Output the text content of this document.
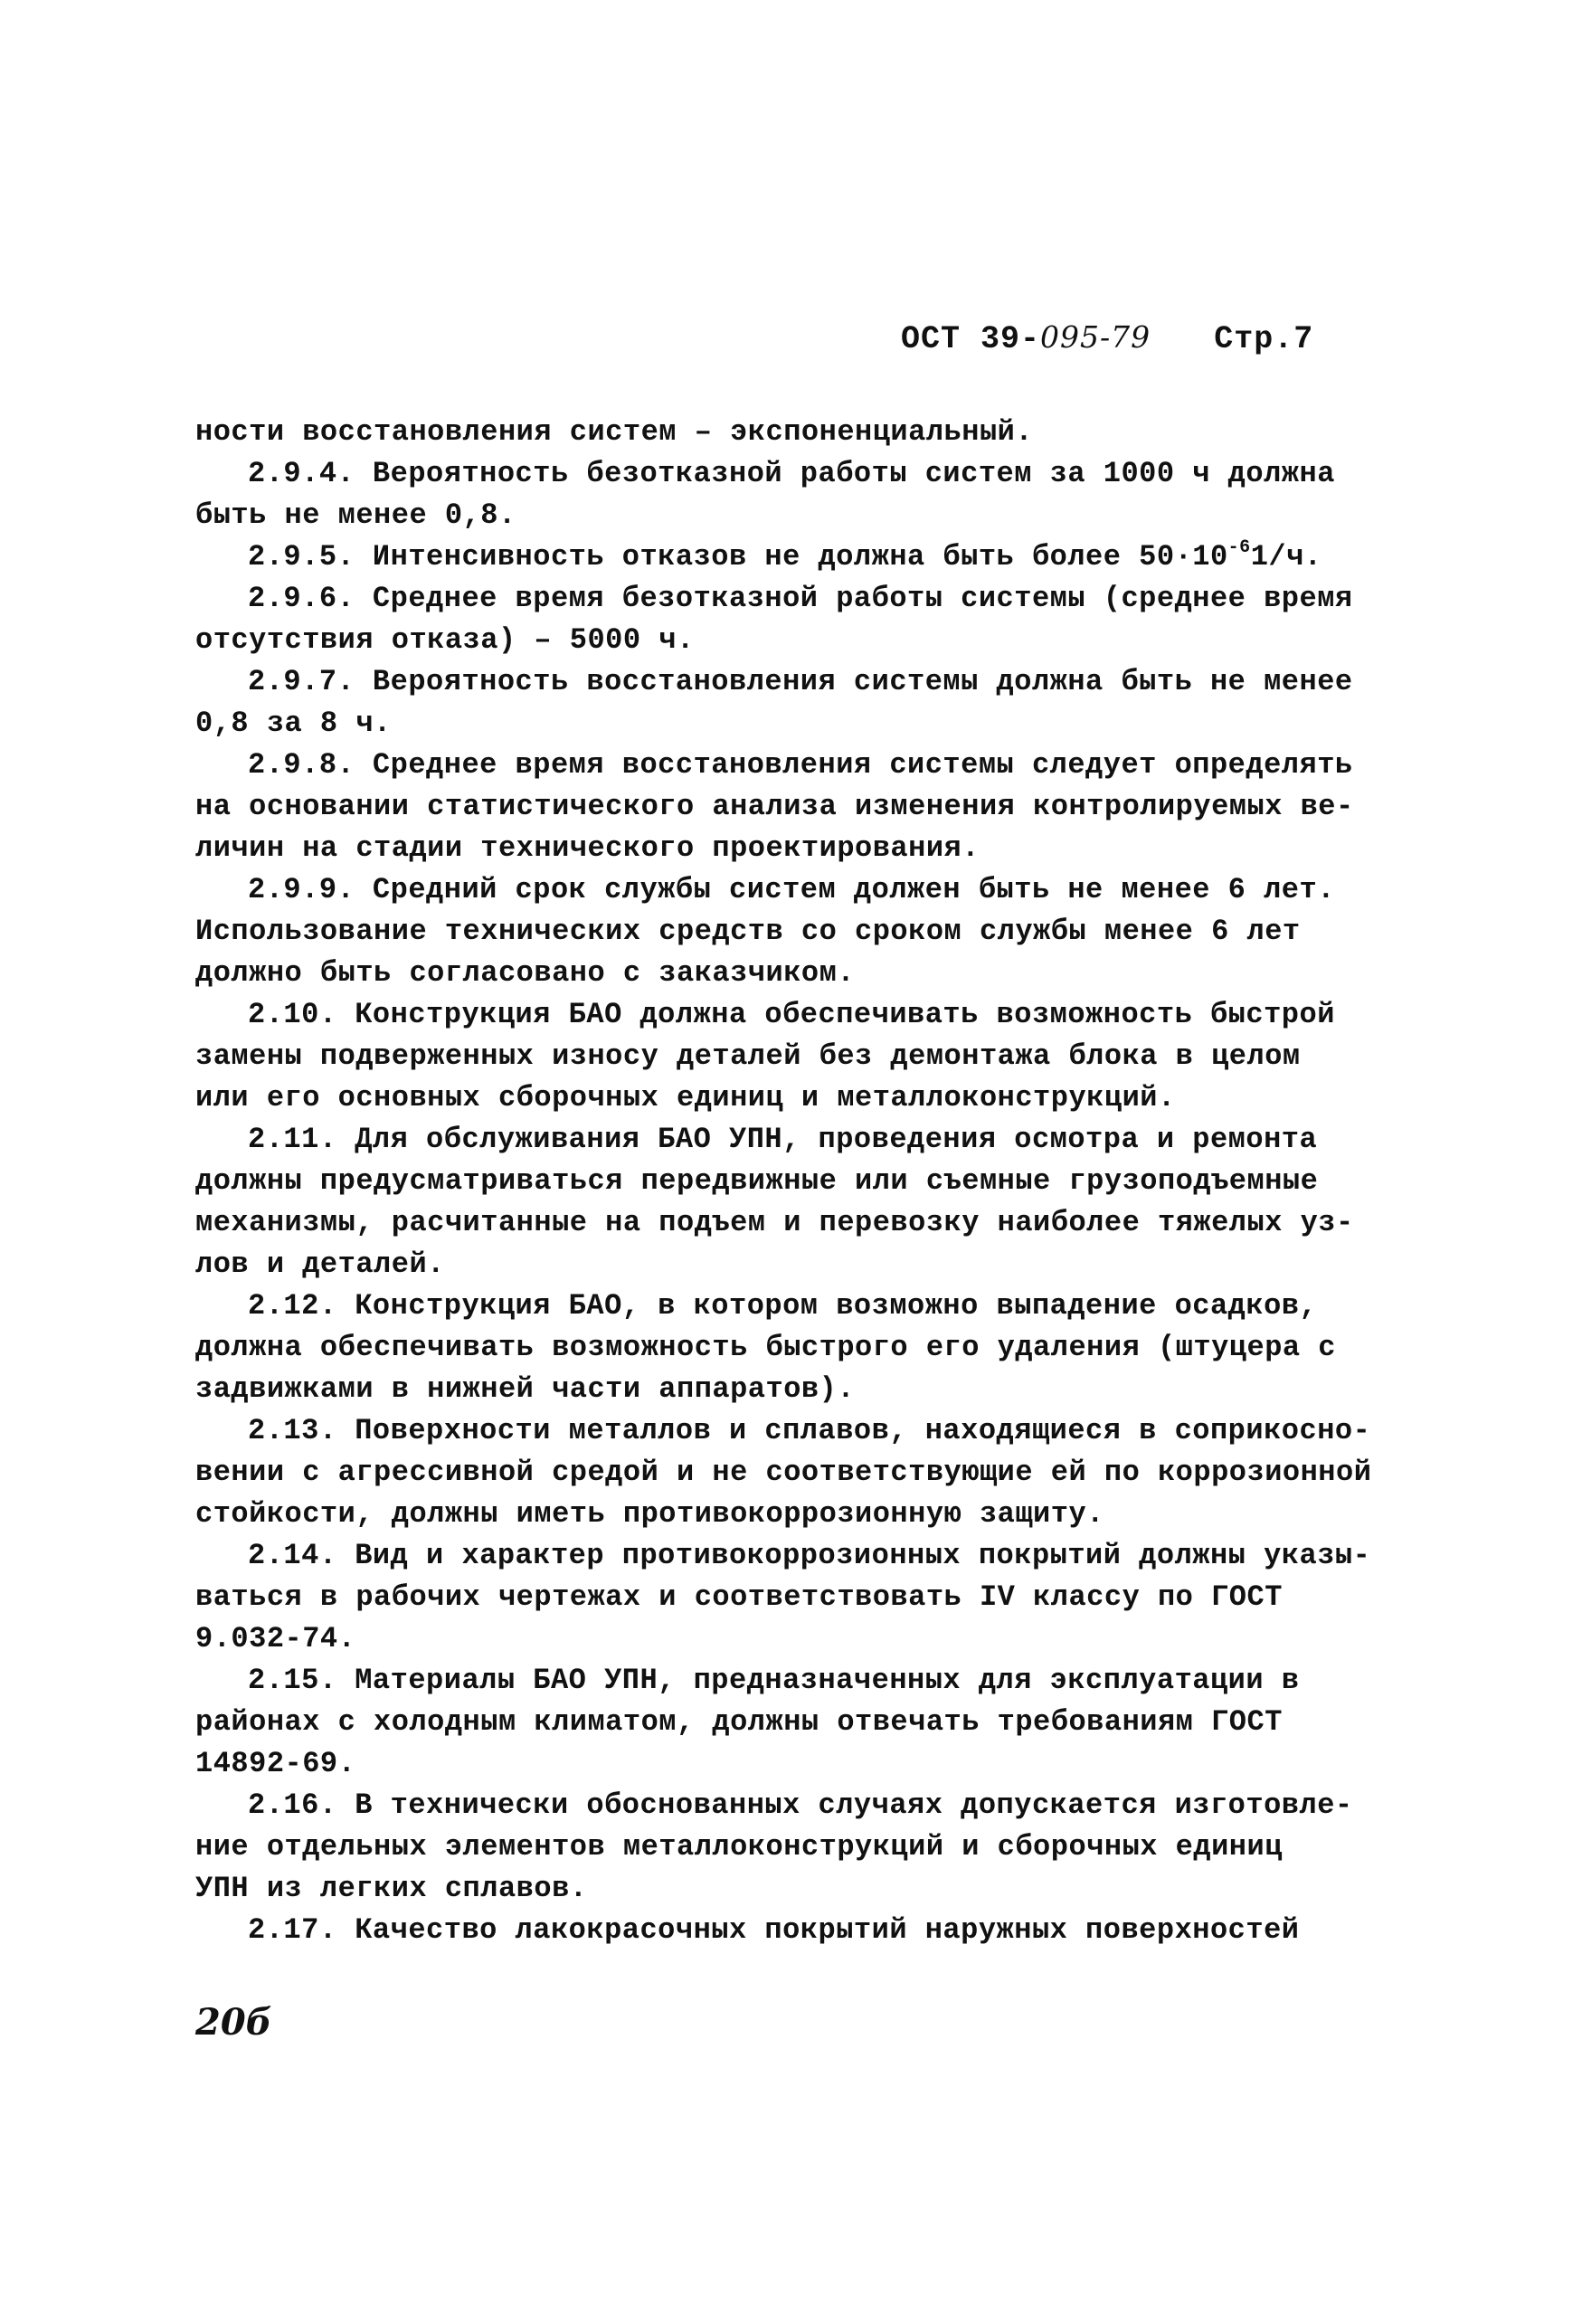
ОСТ 39-095-79 Стр.7
ности восстановления систем – экспоненциальный.
2.9.4. Вероятность безотказной работы систем за 1000 ч должна
быть не менее 0,8.
2.9.5. Интенсивность отказов не должна быть более $50\cdot 10^{-6}1/ч$.
2.9.6. Среднее время безотказной работы системы (среднее время
отсутствия отказа) – 5000 ч.
2.9.7. Вероятность восстановления системы должна быть не менее
0,8 за 8 ч.
2.9.8. Среднее время восстановления системы следует определять
на основании статистического анализа изменения контролируемых ве-
личин на стадии технического проектирования.
2.9.9. Средний срок службы систем должен быть не менее 6 лет.
Использование технических средств со сроком службы менее 6 лет
должно быть согласовано с заказчиком.
2.10. Конструкция БАО должна обеспечивать возможность быстрой
замены подверженных износу деталей без демонтажа блока в целом
или его основных сборочных единиц и металлоконструкций.
2.11. Для обслуживания БАО УПН, проведения осмотра и ремонта
должны предусматриваться передвижные или съемные грузоподъемные
механизмы, расчитанные на подъем и перевозку наиболее тяжелых уз-
лов и деталей.
2.12. Конструкция БАО, в котором возможно выпадение осадков,
должна обеспечивать возможность быстрого его удаления (штуцера с
задвижками в нижней части аппаратов).
2.13. Поверхности металлов и сплавов, находящиеся в соприкосно-
вении с агрессивной средой и не соответствующие ей по коррозионной
стойкости, должны иметь противокоррозионную защиту.
2.14. Вид и характер противокоррозионных покрытий должны указы-
ваться в рабочих чертежах и соответствовать IV классу по ГОСТ
9.032-74.
2.15. Материалы БАО УПН, предназначенных для эксплуатации в
районах с холодным климатом, должны отвечать требованиям ГОСТ
14892-69.
2.16. В технически обоснованных случаях допускается изготовле-
ние отдельных элементов металлоконструкций и сборочных единиц
УПН из легких сплавов.
2.17. Качество лакокрасочных покрытий наружных поверхностей
20б
